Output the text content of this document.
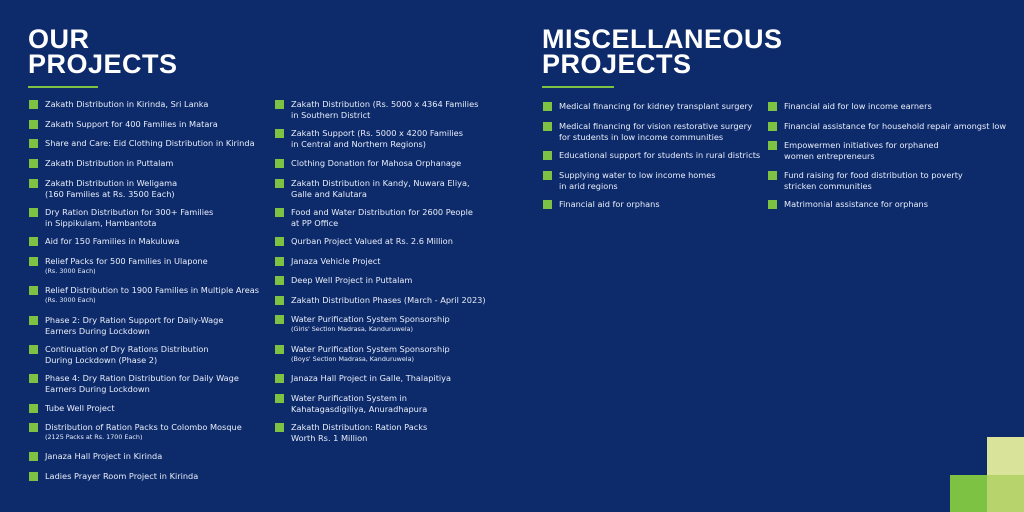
OUR
PROJECTS
MISCELLANEOUS
PROJECTS
Zakath Distribution in Kirinda, Sri Lanka
Zakath Support for 400 Families in Matara
Share and Care: Eid Clothing Distribution in Kirinda
Zakath Distribution in Puttalam
Zakath Distribution in Weligama
(160 Families at Rs. 3500 Each)
Dry Ration Distribution for 300+ Families
in Sippikulam, Hambantota
Aid for 150 Families in Makuluwa
Relief Packs for 500 Families in Ulapone
(Rs. 3000 Each)
Relief Distribution to 1900 Families in Multiple Areas
(Rs. 3000 Each)
Phase 2: Dry Ration Support for Daily-Wage
Earners During Lockdown
Continuation of Dry Rations Distribution
During Lockdown (Phase 2)
Phase 4: Dry Ration Distribution for Daily Wage
Earners During Lockdown
Tube Well Project
Distribution of Ration Packs to Colombo Mosque
(2125 Packs at Rs. 1700 Each)
Janaza Hall Project in Kirinda
Ladies Prayer Room Project in Kirinda
Zakath Distribution (Rs. 5000 x 4364 Families
in Southern District
Zakath Support (Rs. 5000 x 4200 Families
in Central and Northern Regions)
Clothing Donation for Mahosa Orphanage
Zakath Distribution in Kandy, Nuwara Eliya,
Galle and Kalutara
Food and Water Distribution for 2600 People
at PP Office
Qurban Project Valued at Rs. 2.6 Million
Janaza Vehicle Project
Deep Well Project in Puttalam
Zakath Distribution Phases (March - April 2023)
Water Purification System Sponsorship
(Girls' Section Madrasa, Kanduruwela)
Water Purification System Sponsorship
(Boys' Section Madrasa, Kanduruwela)
Janaza Hall Project in Galle, Thalapitiya
Water Purification System in
Kahatagasdigiliya, Anuradhapura
Zakath Distribution: Ration Packs
Worth Rs. 1 Million
Medical financing for kidney transplant surgery
Medical financing for vision restorative surgery
for students in low income communities
Educational support for students in rural districts
Supplying water to low income homes
in arid regions
Financial aid for orphans
Financial aid for low income earners
Financial assistance for household repair amongst low
Empowermen initiatives for orphaned
women entrepreneurs
Fund raising for food distribution to poverty
stricken communities
Matrimonial assistance for orphans
